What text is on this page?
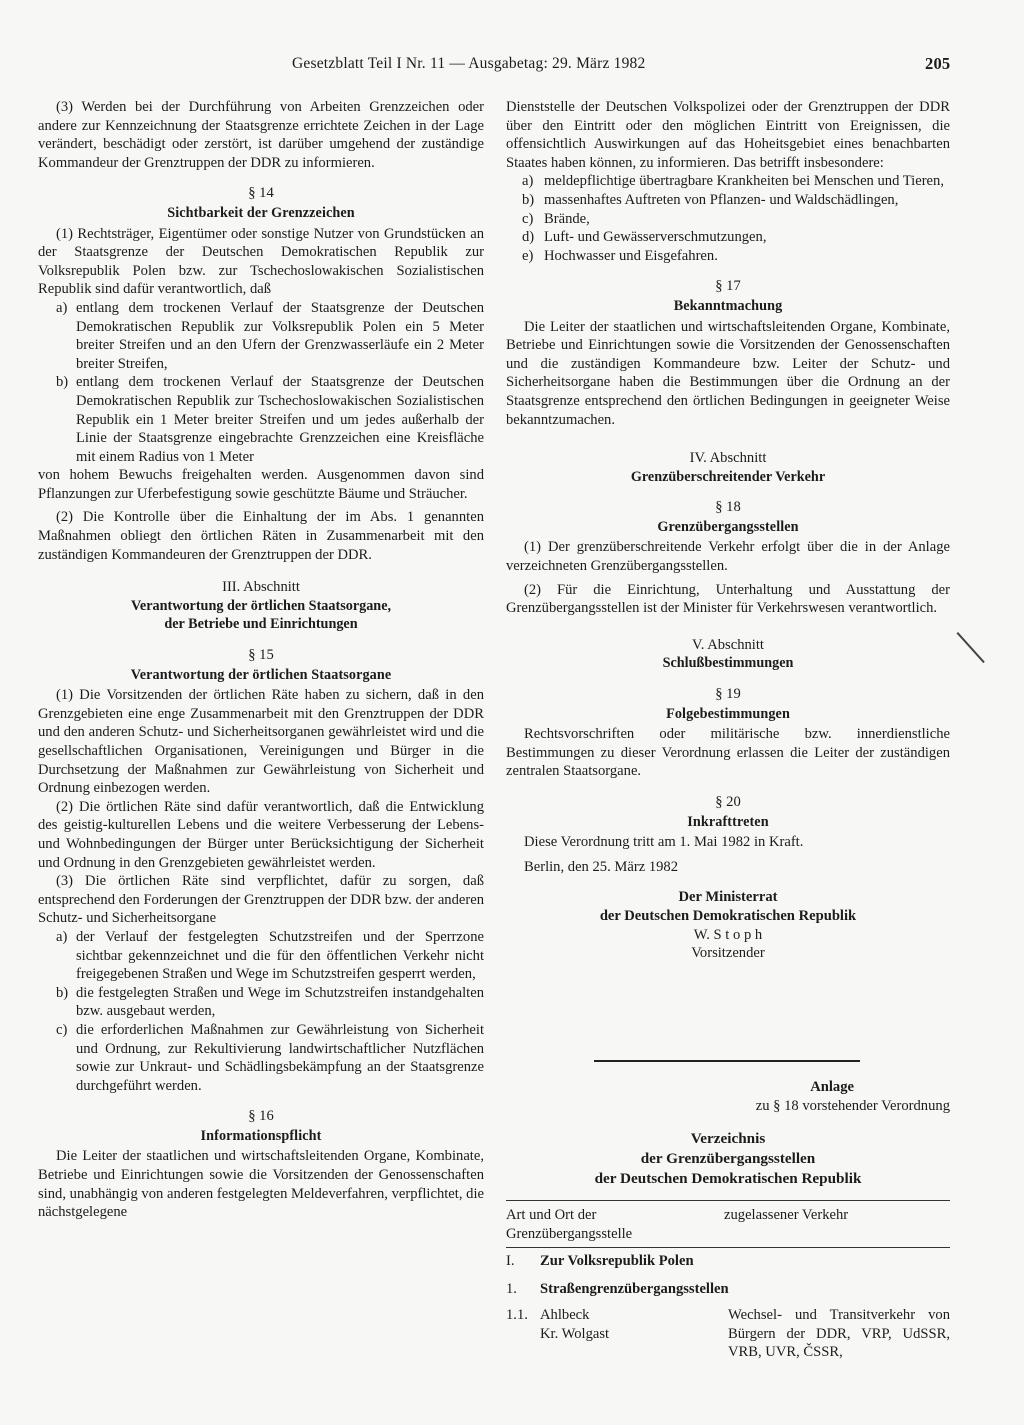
Gesetzblatt Teil I Nr. 11 — Ausgabetag: 29. März 1982	205

(3) Werden bei der Durchführung von Arbeiten Grenzzeichen oder andere zur Kennzeichnung der Staatsgrenze errichtete Zeichen in der Lage verändert, beschädigt oder zerstört, ist darüber umgehend der zuständige Kommandeur der Grenztruppen der DDR zu informieren.

§ 14
Sichtbarkeit der Grenzzeichen

(1) Rechtsträger, Eigentümer oder sonstige Nutzer von Grundstücken an der Staatsgrenze der Deutschen Demokratischen Republik zur Volksrepublik Polen bzw. zur Tschechoslowakischen Sozialistischen Republik sind dafür verantwortlich, daß

a) entlang dem trockenen Verlauf der Staatsgrenze der Deutschen Demokratischen Republik zur Volksrepublik Polen ein 5 Meter breiter Streifen und an den Ufern der Grenzwasserläufe ein 2 Meter breiter Streifen,
b) entlang dem trockenen Verlauf der Staatsgrenze der Deutschen Demokratischen Republik zur Tschechoslowakischen Sozialistischen Republik ein 1 Meter breiter Streifen und um jedes außerhalb der Linie der Staatsgrenze eingebrachte Grenzzeichen eine Kreisfläche mit einem Radius von 1 Meter

von hohem Bewuchs freigehalten werden. Ausgenommen davon sind Pflanzungen zur Uferbefestigung sowie geschützte Bäume und Sträucher.

(2) Die Kontrolle über die Einhaltung der im Abs. 1 genannten Maßnahmen obliegt den örtlichen Räten in Zusammenarbeit mit den zuständigen Kommandeuren der Grenztruppen der DDR.

III. Abschnitt
Verantwortung der örtlichen Staatsorgane,
der Betriebe und Einrichtungen
§ 15
Verantwortung der örtlichen Staatsorgane

(1) Die Vorsitzenden der örtlichen Räte haben zu sichern, daß in den Grenzgebieten eine enge Zusammenarbeit mit den Grenztruppen der DDR und den anderen Schutz- und Sicherheitsorganen gewährleistet wird und die gesellschaftlichen Organisationen, Vereinigungen und Bürger in die Durchsetzung der Maßnahmen zur Gewährleistung von Sicherheit und Ordnung einbezogen werden.

(2) Die örtlichen Räte sind dafür verantwortlich, daß die Entwicklung des geistig-kulturellen Lebens und die weitere Verbesserung der Lebens- und Wohnbedingungen der Bürger unter Berücksichtigung der Sicherheit und Ordnung in den Grenzgebieten gewährleistet werden.

(3) Die örtlichen Räte sind verpflichtet, dafür zu sorgen, daß entsprechend den Forderungen der Grenztruppen der DDR bzw. der anderen Schutz- und Sicherheitsorgane

a) der Verlauf der festgelegten Schutzstreifen und der Sperrzone sichtbar gekennzeichnet und die für den öffentlichen Verkehr nicht freigegebenen Straßen und Wege im Schutzstreifen gesperrt werden,
b) die festgelegten Straßen und Wege im Schutzstreifen instandgehalten bzw. ausgebaut werden,
c) die erforderlichen Maßnahmen zur Gewährleistung von Sicherheit und Ordnung, zur Rekultivierung landwirtschaftlicher Nutzflächen sowie zur Unkraut- und Schädlingsbekämpfung an der Staatsgrenze durchgeführt werden.
§ 16
Informationspflicht

Die Leiter der staatlichen und wirtschaftsleitenden Organe, Kombinate, Betriebe und Einrichtungen sowie die Vorsitzenden der Genossenschaften sind, unabhängig von anderen festgelegten Meldeverfahren, verpflichtet, die nächstgelegene

Dienststelle der Deutschen Volkspolizei oder der Grenztruppen der DDR über den Eintritt oder den möglichen Eintritt von Ereignissen, die offensichtlich Auswirkungen auf das Hoheitsgebiet eines benachbarten Staates haben können, zu informieren. Das betrifft insbesondere:

a) meldepflichtige übertragbare Krankheiten bei Menschen und Tieren,
b) massenhaftes Auftreten von Pflanzen- und Waldschädlingen,
c) Brände,
d) Luft- und Gewässerverschmutzungen,
e) Hochwasser und Eisgefahren.
§ 17
Bekanntmachung

Die Leiter der staatlichen und wirtschaftsleitenden Organe, Kombinate, Betriebe und Einrichtungen sowie die Vorsitzenden der Genossenschaften und die zuständigen Kommandeure bzw. Leiter der Schutz- und Sicherheitsorgane haben die Bestimmungen über die Ordnung an der Staatsgrenze entsprechend den örtlichen Bedingungen in geeigneter Weise bekanntzumachen.

IV. Abschnitt
Grenzüberschreitender Verkehr
§ 18
Grenzübergangsstellen

(1) Der grenzüberschreitende Verkehr erfolgt über die in der Anlage verzeichneten Grenzübergangsstellen.

(2) Für die Einrichtung, Unterhaltung und Ausstattung der Grenzübergangsstellen ist der Minister für Verkehrswesen verantwortlich.

V. Abschnitt
Schlußbestimmungen
§ 19
Folgebestimmungen

Rechtsvorschriften oder militärische bzw. innerdienstliche Bestimmungen zu dieser Verordnung erlassen die Leiter der zuständigen zentralen Staatsorgane.

§ 20
Inkrafttreten

Diese Verordnung tritt am 1. Mai 1982 in Kraft.

Berlin, den 25. März 1982

Der Ministerrat
der Deutschen Demokratischen Republik
W. S t o p h
Vorsitzender
Anlage
zu § 18 vorstehender Verordnung
Verzeichnis
der Grenzübergangsstellen
der Deutschen Demokratischen Republik
Art und Ort der Grenzübergangsstelle
zugelassener Verkehr
I. Zur Volksrepublik Polen
1. Straßengrenzübergangsstellen
1.1. Ahlbeck
Kr. Wolgast
Wechsel- und Transitverkehr von Bürgern der DDR, VRP, UdSSR, VRB, UVR, ČSSR,
